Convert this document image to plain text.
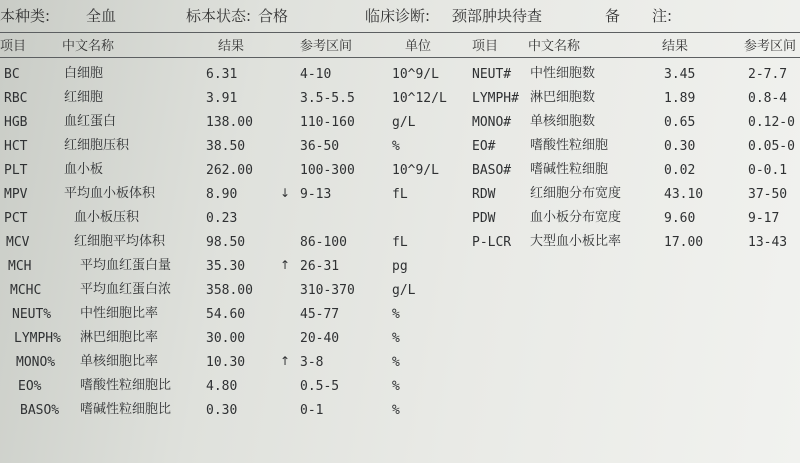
本种类: 全血	标本状态: 合格	临床诊断: 颈部肿块待查	备 注:
项目	中文名称	结果	参考区间	单位	项目 中文名称	结果	参考区间
BC	白细胞	6.31	4-10	10^9/L
RBC	红细胞	3.91	3.5-5.5	10^12/L
HGB	血红蛋白	138.00	110-160	g/L
HCT	红细胞压积	38.50	36-50	%
PLT	血小板	262.00	100-300	10^9/L
MPV	平均血小板体积	8.90	↓ 9-13	fL
PCT	血小板压积	0.23
MCV	红细胞平均体积	98.50	86-100	fL
MCH	平均血红蛋白量	35.30	↑ 26-31	pg
MCHC	平均血红蛋白浓	358.00	310-370	g/L
NEUT% 中性细胞比率	54.60	45-77	%
LYMPH% 淋巴细胞比率	30.00	20-40	%
MONO% 单核细胞比率	10.30	↑ 3-8	%
EO%	嗜酸性粒细胞比	4.80	0.5-5	%
BASO% 嗜碱性粒细胞比	0.30	0-1	%
NEUT# 中性细胞数	3.45	2-7.7
LYMPH# 淋巴细胞数	1.89	0.8-4
MONO# 单核细胞数	0.65	0.12-0
EO#	嗜酸性粒细胞	0.30	0.05-0
BASO# 嗜碱性粒细胞	0.02	0-0.1
RDW	红细胞分布宽度	43.10	37-50
PDW	血小板分布宽度	9.60	9-17
P-LCR 大型血小板比率	17.00	13-43
